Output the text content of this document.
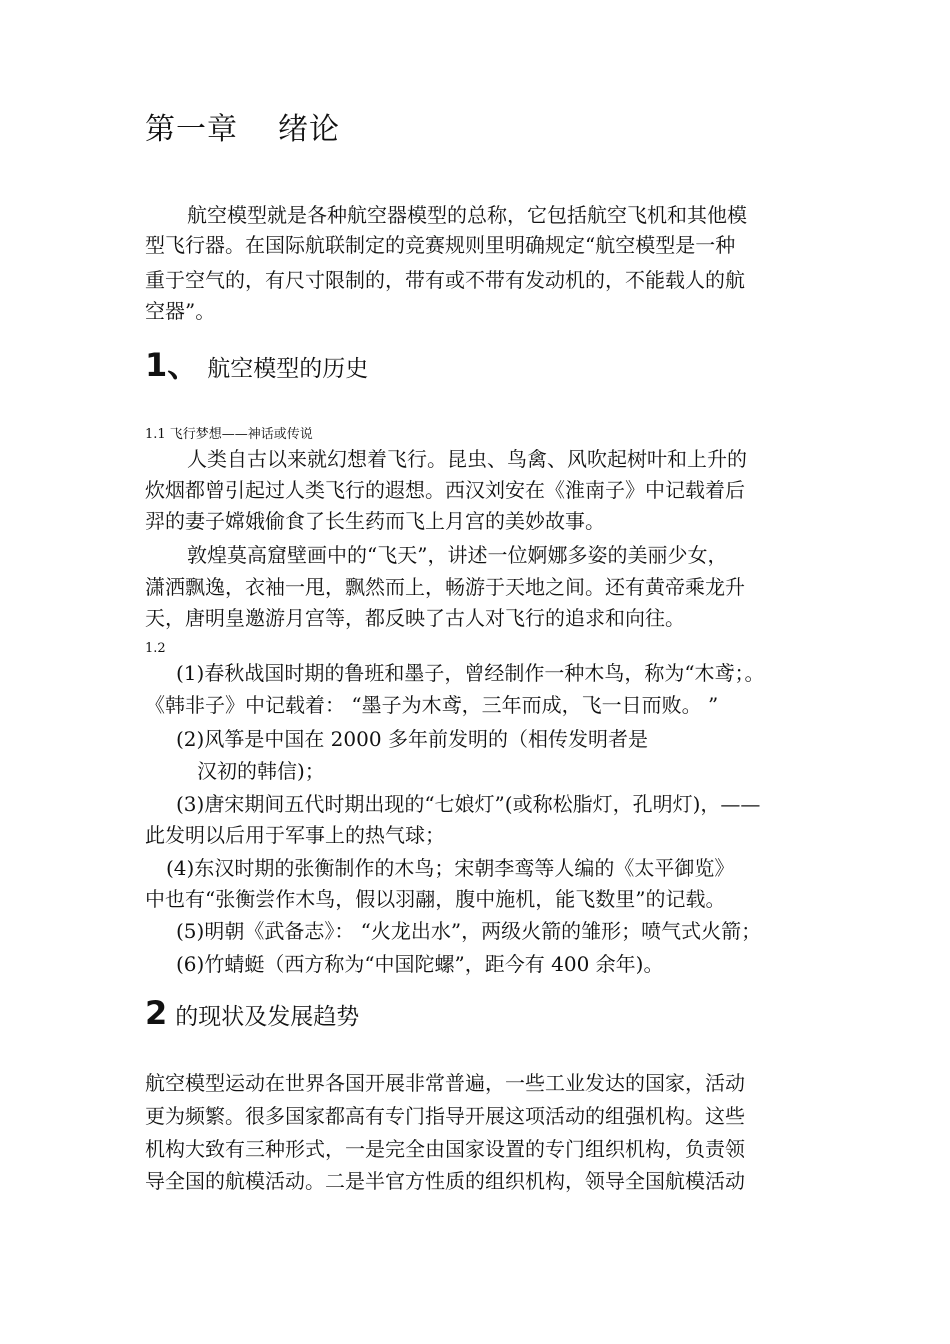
第一章 绪论
航空模型就是各种航空器模型的总称，它包括航空飞机和其他模
型飞行器。在国际航联制定的竞赛规则里明确规定“航空模型是一种
重于空气的，有尺寸限制的，带有或不带有发动机的，不能载人的航
空器”。
1、 航空模型的历史
1.1 飞行梦想——神话或传说
人类自古以来就幻想着飞行。昆虫、鸟禽、风吹起树叶和上升的
炊烟都曾引起过人类飞行的遐想。西汉刘安在《淮南子》中记载着后
羿的妻子嫦娥偷食了长生药而飞上月宫的美妙故事。
敦煌莫高窟壁画中的“飞天”，讲述一位婀娜多姿的美丽少女，
潇洒飘逸，衣袖一甩，飘然而上，畅游于天地之间。还有黄帝乘龙升
天，唐明皇邀游月宫等，都反映了古人对飞行的追求和向往。
1.2
(1)春秋战国时期的鲁班和墨子，曾经制作一种木鸟，称为“木鸢；。
《韩非子》中记载着： “墨子为木鸢，三年而成，飞一日而败。 ”
(2)风筝是中国在 2000 多年前发明的（相传发明者是
汉初的韩信)；
(3)唐宋期间五代时期出现的“七娘灯”(或称松脂灯，孔明灯)，——
此发明以后用于军事上的热气球；
(4)东汉时期的张衡制作的木鸟；宋朝李鸾等人编的《太平御览》
中也有“张衡尝作木鸟，假以羽翮，腹中施机，能飞数里”的记载。
(5)明朝《武备志》： “火龙出水”，两级火箭的雏形；喷气式火箭；
(6)竹蜻蜓（西方称为“中国陀螺”，距今有 400 余年)。
2 的现状及发展趋势
航空模型运动在世界各国开展非常普遍，一些工业发达的国家，活动
更为频繁。很多国家都高有专门指导开展这项活动的组强机构。这些
机构大致有三种形式，一是完全由国家设置的专门组织机构，负责领
导全国的航模活动。二是半官方性质的组织机构，领导全国航模活动
